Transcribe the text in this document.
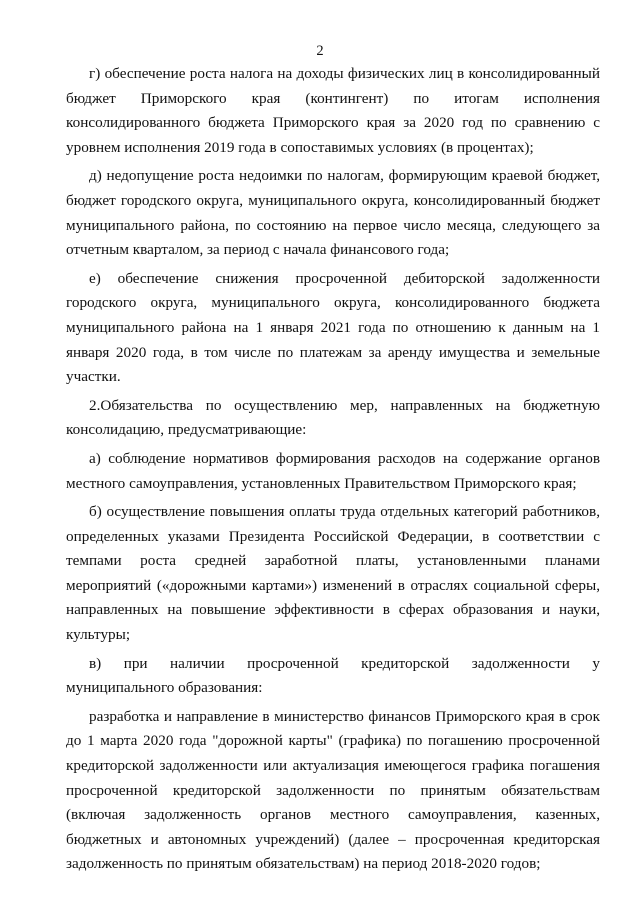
2

г) обеспечение роста налога на доходы физических лиц в консолидированный бюджет Приморского края (контингент) по итогам исполнения консолидированного бюджета Приморского края за 2020 год по сравнению с уровнем исполнения 2019 года в сопоставимых условиях (в процентах);

д) недопущение роста недоимки по налогам, формирующим краевой бюджет, бюджет городского округа, муниципального округа, консолидированный бюджет муниципального района, по состоянию на первое число месяца, следующего за отчетным кварталом, за период с начала финансового года;

е) обеспечение снижения просроченной дебиторской задолженности городского округа, муниципального округа, консолидированного бюджета муниципального района на 1 января 2021 года по отношению к данным на 1 января 2020 года, в том числе по платежам за аренду имущества и земельные участки.

2.Обязательства по осуществлению мер, направленных на бюджетную консолидацию, предусматривающие:

а) соблюдение нормативов формирования расходов на содержание органов местного самоуправления, установленных Правительством Приморского края;

б) осуществление повышения оплаты труда отдельных категорий работников, определенных указами Президента Российской Федерации, в соответствии с темпами роста средней заработной платы, установленными планами мероприятий («дорожными картами») изменений в отраслях социальной сферы, направленных на повышение эффективности в сферах образования и науки, культуры;

в) при наличии просроченной кредиторской задолженности у муниципального образования:

разработка и направление в министерство финансов Приморского края в срок до 1 марта 2020 года "дорожной карты" (графика) по погашению просроченной кредиторской задолженности или актуализация имеющегося графика погашения просроченной кредиторской задолженности по принятым обязательствам (включая задолженность органов местного самоуправления, казенных, бюджетных и автономных учреждений) (далее – просроченная кредиторская задолженность по принятым обязательствам) на период 2018-2020 годов;
